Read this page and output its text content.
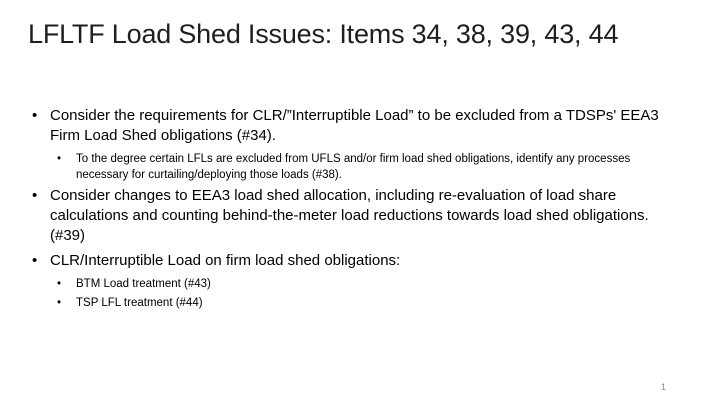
LFLTF Load Shed Issues: Items 34, 38, 39, 43, 44
• Consider the requirements for CLR/”Interruptible Load” to be excluded from a TDSPs' EEA3 Firm Load Shed obligations (#34).
• To the degree certain LFLs are excluded from UFLS and/or firm load shed obligations, identify any processes necessary for curtailing/deploying those loads (#38).
• Consider changes to EEA3 load shed allocation, including re-evaluation of load share calculations and counting behind-the-meter load reductions towards load shed obligations. (#39)
• CLR/Interruptible Load on firm load shed obligations:
• BTM Load treatment (#43)
• TSP LFL treatment (#44)
1
